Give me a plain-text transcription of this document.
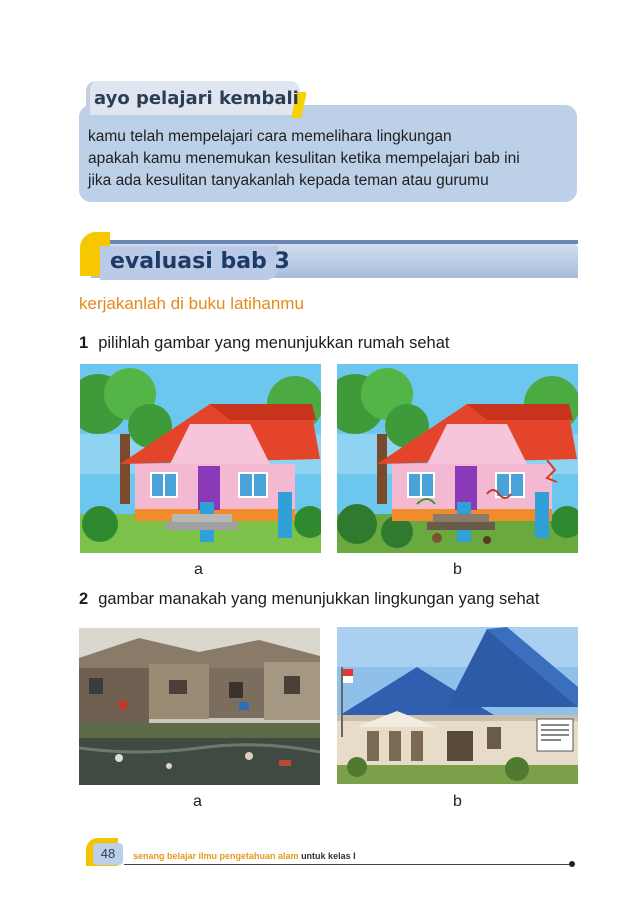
ayo pelajari kembali
kamu telah mempelajari cara memelihara lingkungan
apakah kamu menemukan kesulitan ketika mempelajari bab ini
jika ada kesulitan tanyakanlah kepada teman atau gurumu
evaluasi bab 3
kerjakanlah di buku latihanmu
1 pilihlah gambar yang menunjukkan rumah sehat
a	b
2 gambar manakah yang menunjukkan lingkungan yang sehat
a	b
48	senang belajar ilmu pengetahuan alam untuk kelas I
